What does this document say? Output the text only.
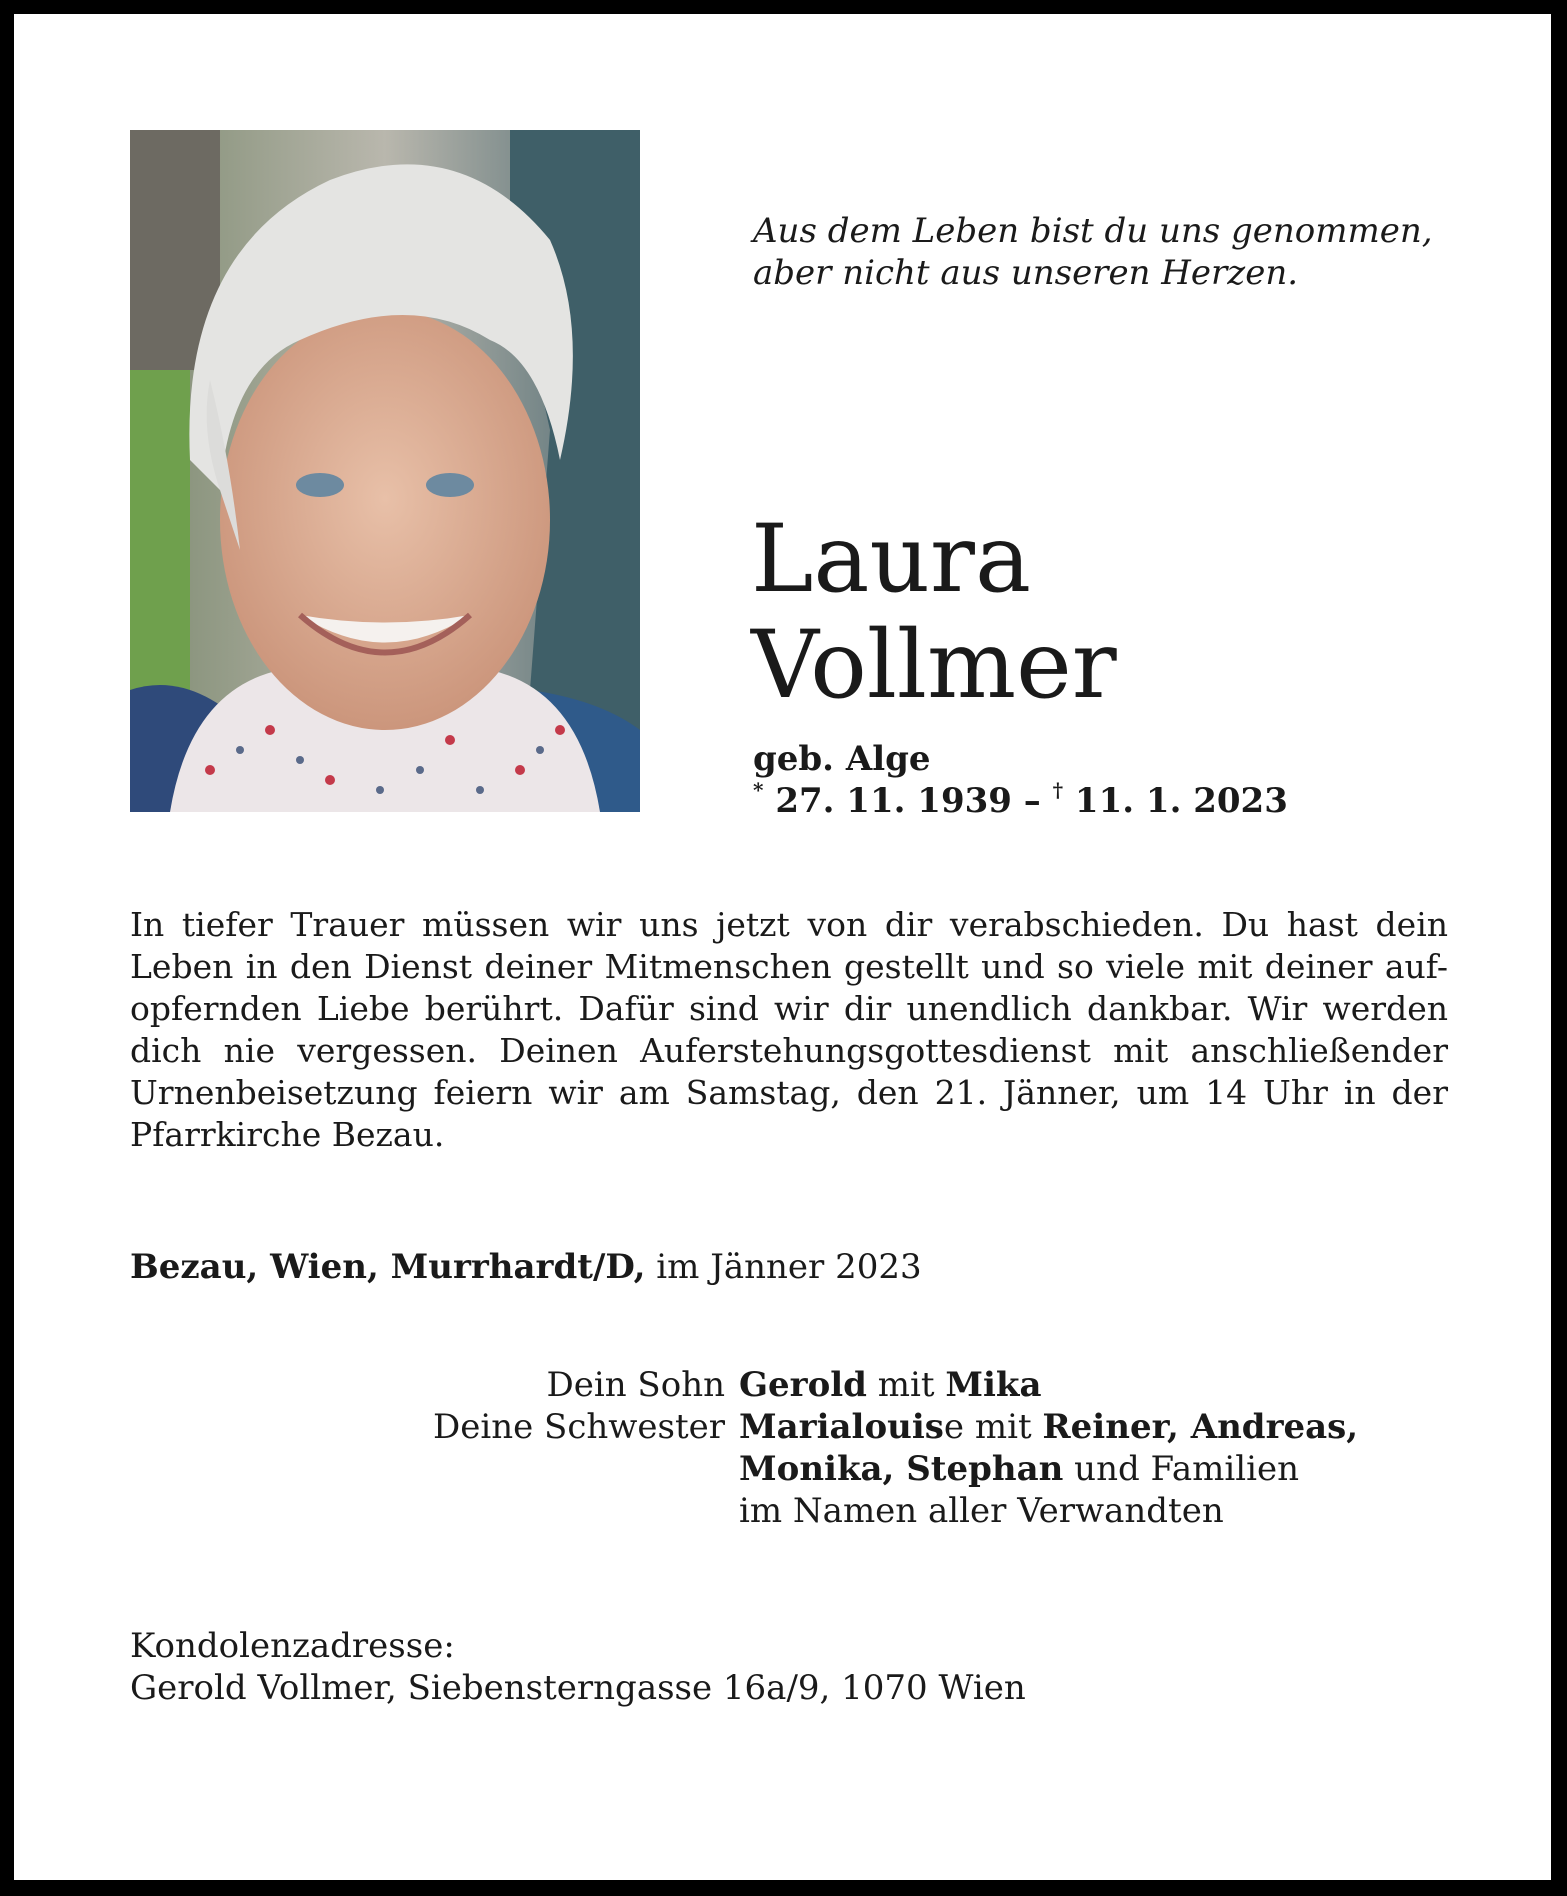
Aus dem Leben bist du uns genommen,
aber nicht aus unseren Herzen.
Laura
Vollmer
geb. Alge
* 27. 11. 1939 – † 11. 1. 2023
In tiefer Trauer müssen wir uns jetzt von dir verabschieden. Du hast dein
Leben in den Dienst deiner Mitmenschen gestellt und so viele mit deiner auf-
opfernden Liebe berührt. Dafür sind wir dir unendlich dankbar. Wir werden
dich nie vergessen. Deinen Auferstehungsgottesdienst mit anschließender
Urnenbeisetzung feiern wir am Samstag, den 21. Jänner, um 14 Uhr in der
Pfarrkirche Bezau.
Bezau, Wien, Murrhardt/D, im Jänner 2023
Dein Sohn Gerold mit Mika
Deine Schwester Marialouise mit Reiner, Andreas,
Monika, Stephan und Familien
im Namen aller Verwandten
Kondolenzadresse:
Gerold Vollmer, Siebensterngasse 16a/9, 1070 Wien
